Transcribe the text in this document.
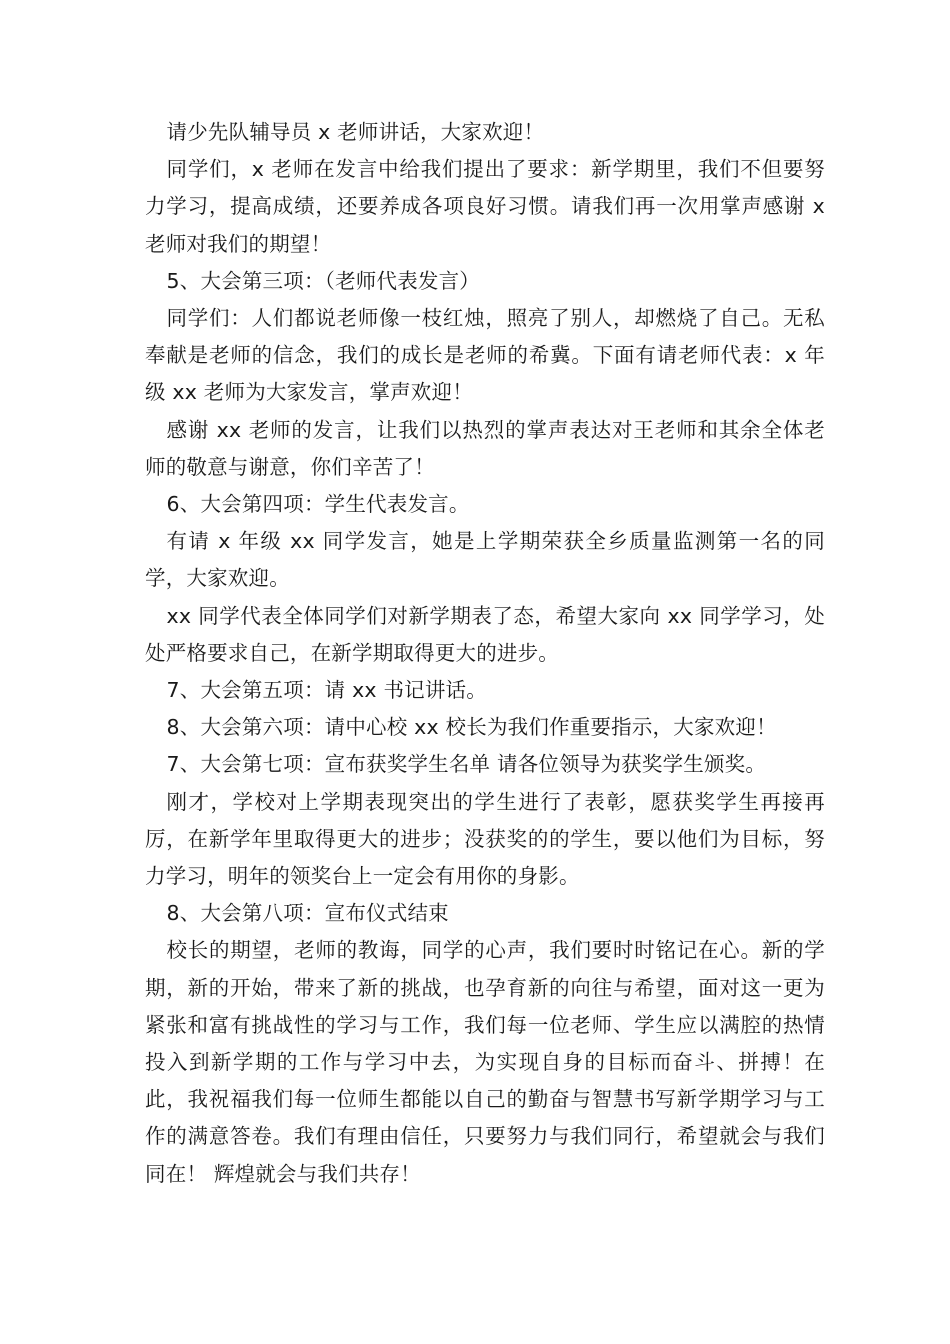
请少先队辅导员 x 老师讲话，大家欢迎！

同学们，x 老师在发言中给我们提出了要求：新学期里，我们不但要努力学习，提高成绩，还要养成各项良好习惯。请我们再一次用掌声感谢 x 老师对我们的期望！

5、大会第三项：（老师代表发言）

同学们：人们都说老师像一枝红烛，照亮了别人，却燃烧了自己。无私奉献是老师的信念，我们的成长是老师的希冀。下面有请老师代表：x 年级 xx 老师为大家发言，掌声欢迎！

感谢 xx 老师的发言，让我们以热烈的掌声表达对王老师和其余全体老师的敬意与谢意，你们辛苦了！

6、大会第四项：学生代表发言。

有请 x 年级 xx 同学发言，她是上学期荣获全乡质量监测第一名的同学，大家欢迎。

xx 同学代表全体同学们对新学期表了态，希望大家向 xx 同学学习，处处严格要求自己，在新学期取得更大的进步。

7、大会第五项：请 xx 书记讲话。

8、大会第六项：请中心校 xx 校长为我们作重要指示，大家欢迎！

7、大会第七项：宣布获奖学生名单 请各位领导为获奖学生颁奖。

刚才，学校对上学期表现突出的学生进行了表彰，愿获奖学生再接再厉，在新学年里取得更大的进步；没获奖的的学生，要以他们为目标，努力学习，明年的领奖台上一定会有用你的身影。

8、大会第八项：宣布仪式结束

校长的期望，老师的教诲，同学的心声，我们要时时铭记在心。新的学期，新的开始，带来了新的挑战，也孕育新的向往与希望，面对这一更为紧张和富有挑战性的学习与工作，我们每一位老师、学生应以满腔的热情投入到新学期的工作与学习中去，为实现自身的目标而奋斗、拼搏！在此，我祝福我们每一位师生都能以自己的勤奋与智慧书写新学期学习与工作的满意答卷。我们有理由信任，只要努力与我们同行，希望就会与我们同在！ 辉煌就会与我们共存！
